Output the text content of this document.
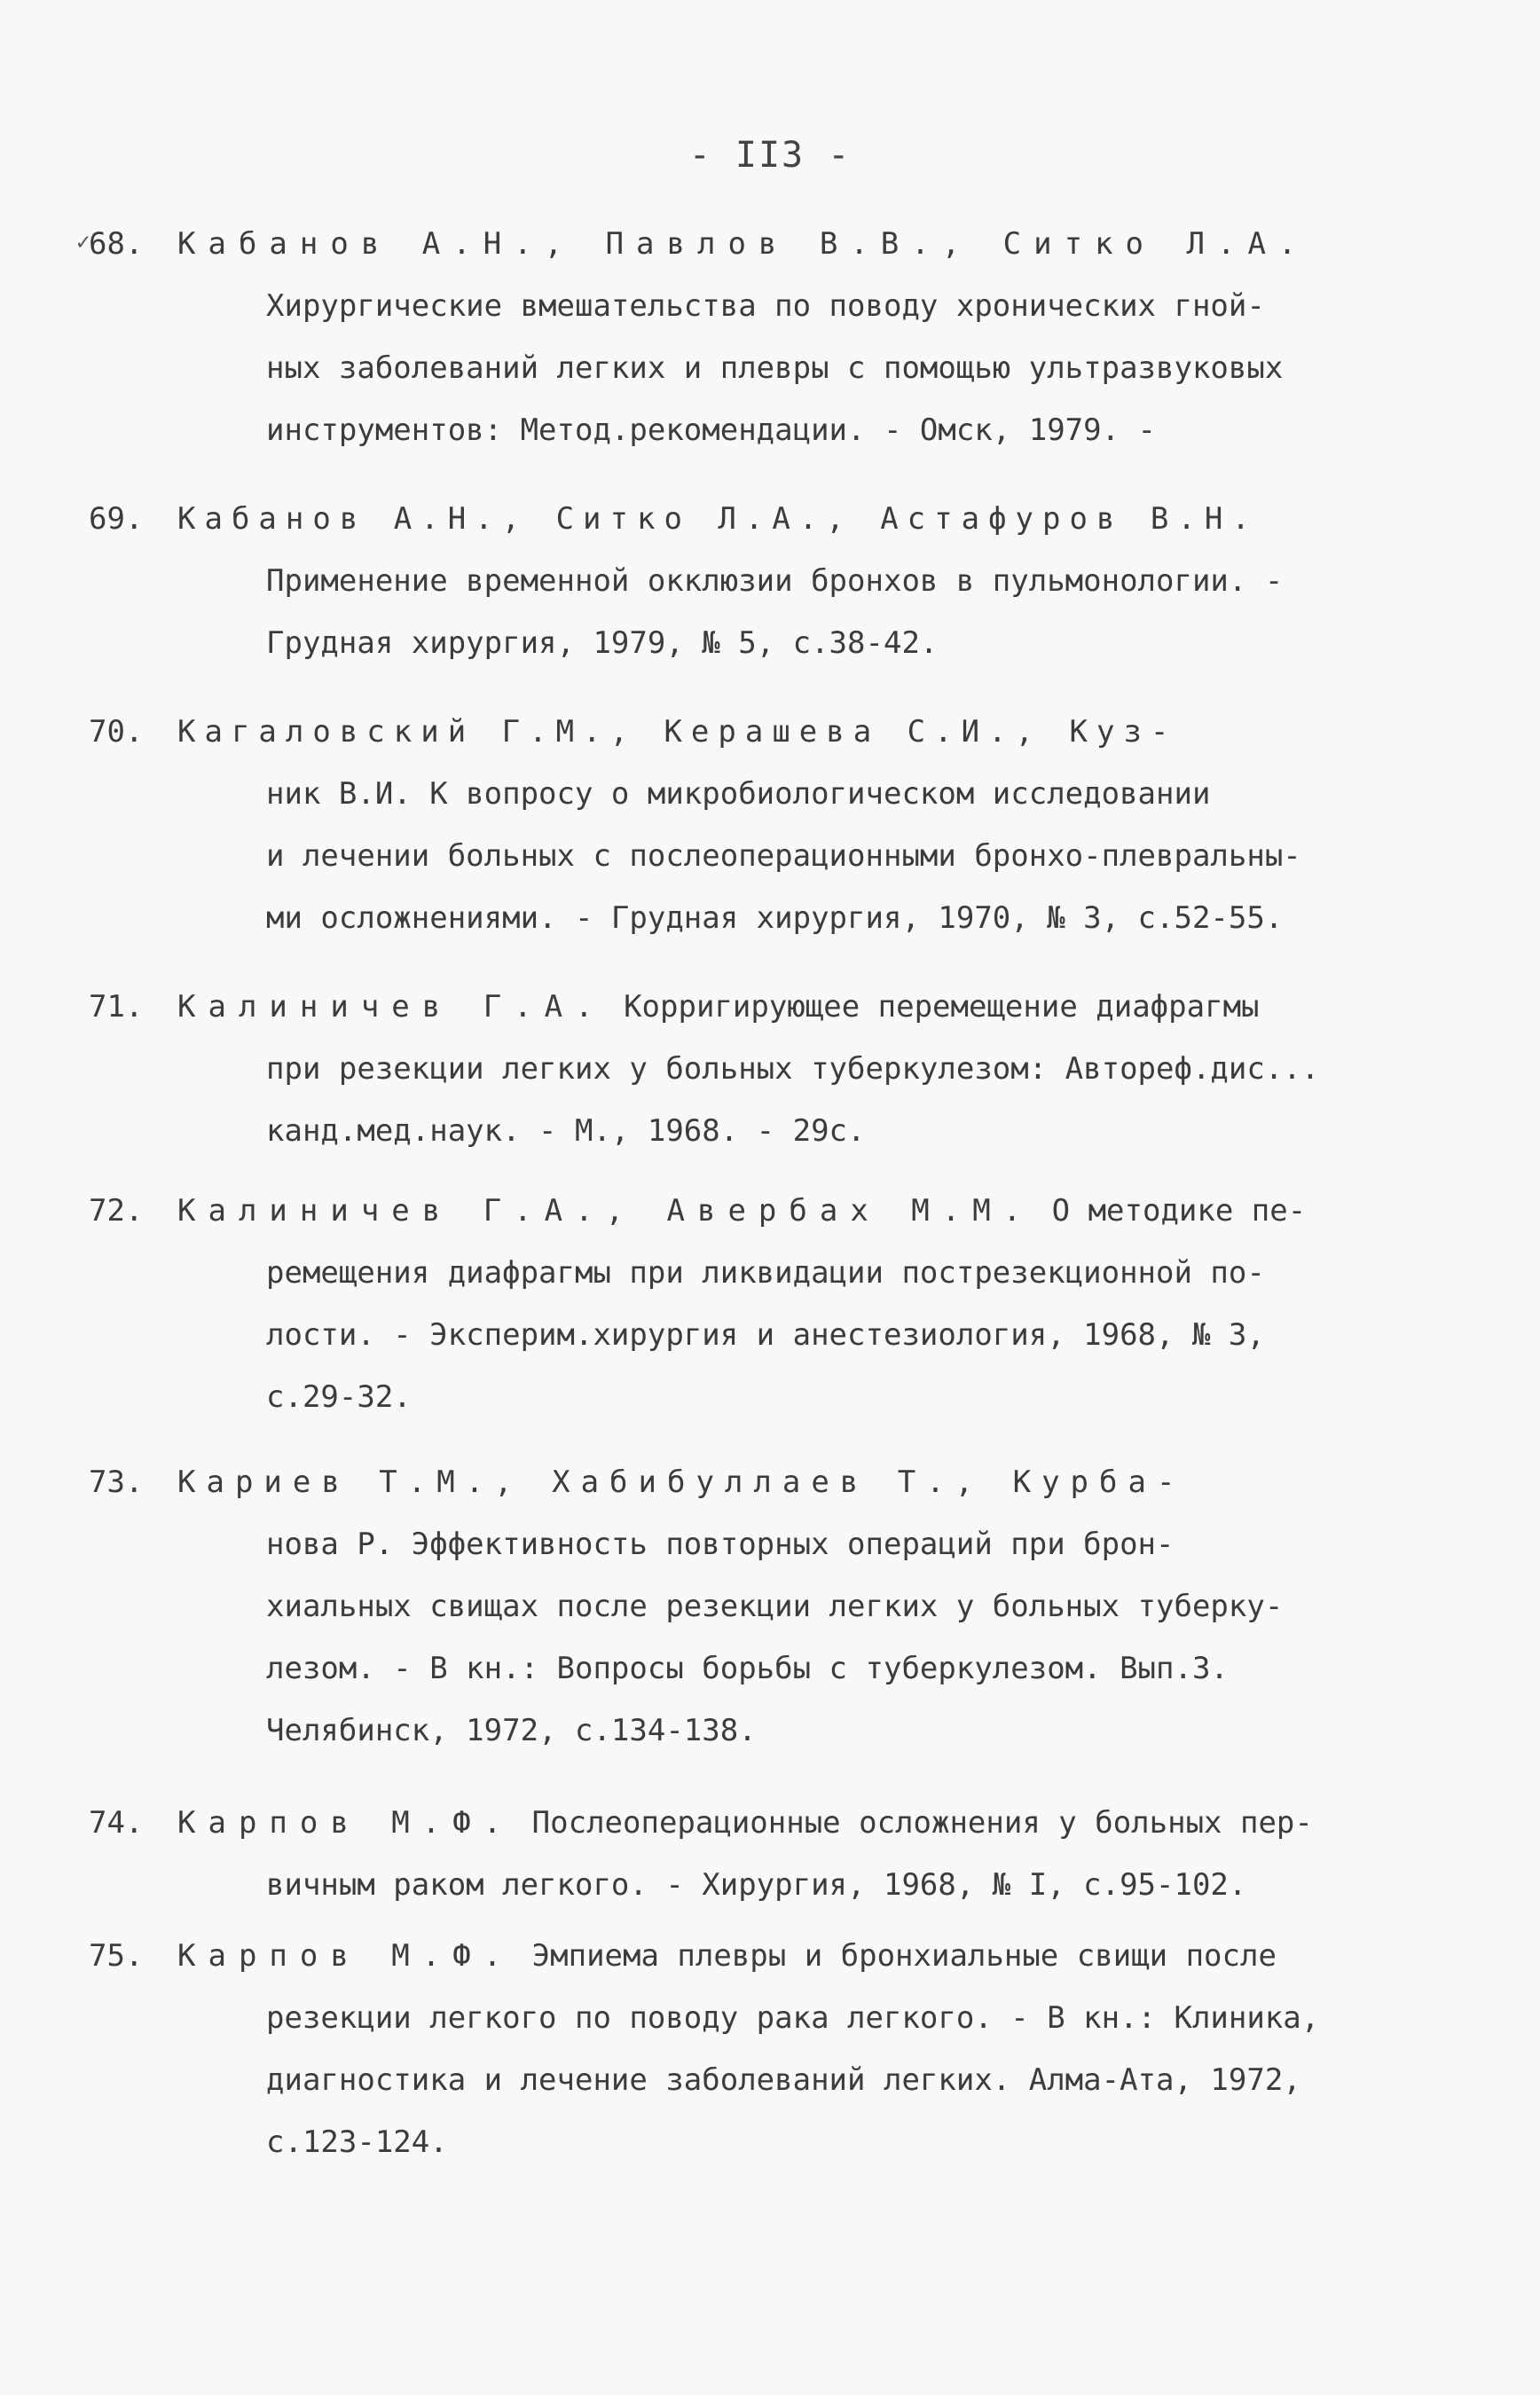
- II3 -
✓
68. Кабанов А.Н., Павлов В.В., Ситко Л.А.
Хирургические вмешательства по поводу хронических гной-
ных заболеваний легких и плевры с помощью ультразвуковых
инструментов: Метод.рекомендации. - Омск, 1979. -
69. Кабанов А.Н., Ситко Л.А., Астафуров В.Н.
Применение временной окклюзии бронхов в пульмонологии. -
Грудная хирургия, 1979, № 5, с.38-42.
70. Кагаловский Г.М., Керашева С.И., Куз-
ник В.И. К вопросу о микробиологическом исследовании
и лечении больных с послеоперационными бронхо-плевральны-
ми осложнениями. - Грудная хирургия, 1970, № 3, с.52-55.
71. Калиничев Г.А. Корригирующее перемещение диафрагмы
при резекции легких у больных туберкулезом: Автореф.дис...
канд.мед.наук. - М., 1968. - 29с.
72. Калиничев Г.А., Авербах М.М. О методике пе-
ремещения диафрагмы при ликвидации пострезекционной по-
лости. - Эксперим.хирургия и анестезиология, 1968, № 3,
с.29-32.
73. Кариев Т.М., Хабибуллаев Т., Курба-
нова Р. Эффективность повторных операций при брон-
хиальных свищах после резекции легких у больных туберку-
лезом. - В кн.: Вопросы борьбы с туберкулезом. Вып.3.
Челябинск, 1972, с.134-138.
74. Карпов М.Ф. Послеоперационные осложнения у больных пер-
вичным раком легкого. - Хирургия, 1968, № I, с.95-102.
75. Карпов М.Ф. Эмпиема плевры и бронхиальные свищи после
резекции легкого по поводу рака легкого. - В кн.: Клиника,
диагностика и лечение заболеваний легких. Алма-Ата, 1972,
с.123-124.
